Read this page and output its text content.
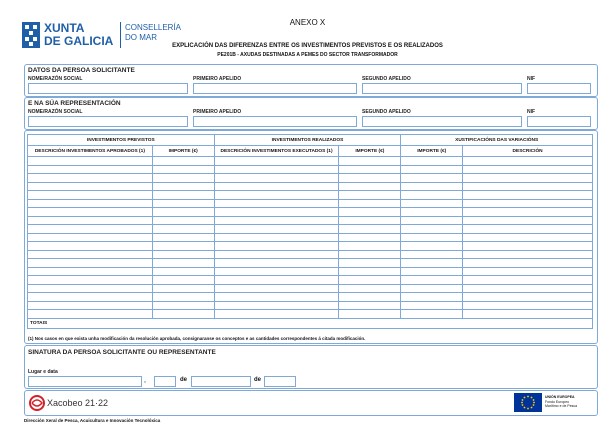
XUNTA
DE GALICIA
CONSELLERÍA
DO MAR
ANEXO X
EXPLICACIÓN DAS DIFERENZAS ENTRE OS INVESTIMENTOS PREVISTOS E OS REALIZADOS
PE201B - AXUDAS DESTINADAS A PEMES DO SECTOR TRANSFORMADOR
DATOS DA PERSOA SOLICITANTE
NOME/RAZÓN SOCIAL	PRIMEIRO APELIDO	SEGUNDO APELIDO	NIF
E NA SÚA REPRESENTACIÓN
NOME/RAZÓN SOCIAL	PRIMEIRO APELIDO	SEGUNDO APELIDO	NIF
INVESTIMENTOS PREVISTOS		INVESTIMENTOS REALIZADOS		XUSTIFICACIÓNS DAS VARIACIÓNS	
DESCRICIÓN INVESTIMENTOS APROBADOS (1)	IMPORTE (€)	DESCRICIÓN INVESTIMENTOS EXECUTADOS (1)	IMPORTE (€)	IMPORTE (€)	DESCRICIÓN

TOTAIS					
(1) Nos casos en que exista unha modificación da resolución aprobada, consignaranse os conceptos e as cantidades correspondentes á citada modificación.
SINATURA DA PERSOA SOLICITANTE OU REPRESENTANTE
Lugar e data
,	de	de
Xacobeo 21·22
UNIÓN EUROPEA
Fondo Europeo
Marítimo e de Pesca
Dirección Xeral de Pesca, Acuicultura e Innovación Tecnolóxica
